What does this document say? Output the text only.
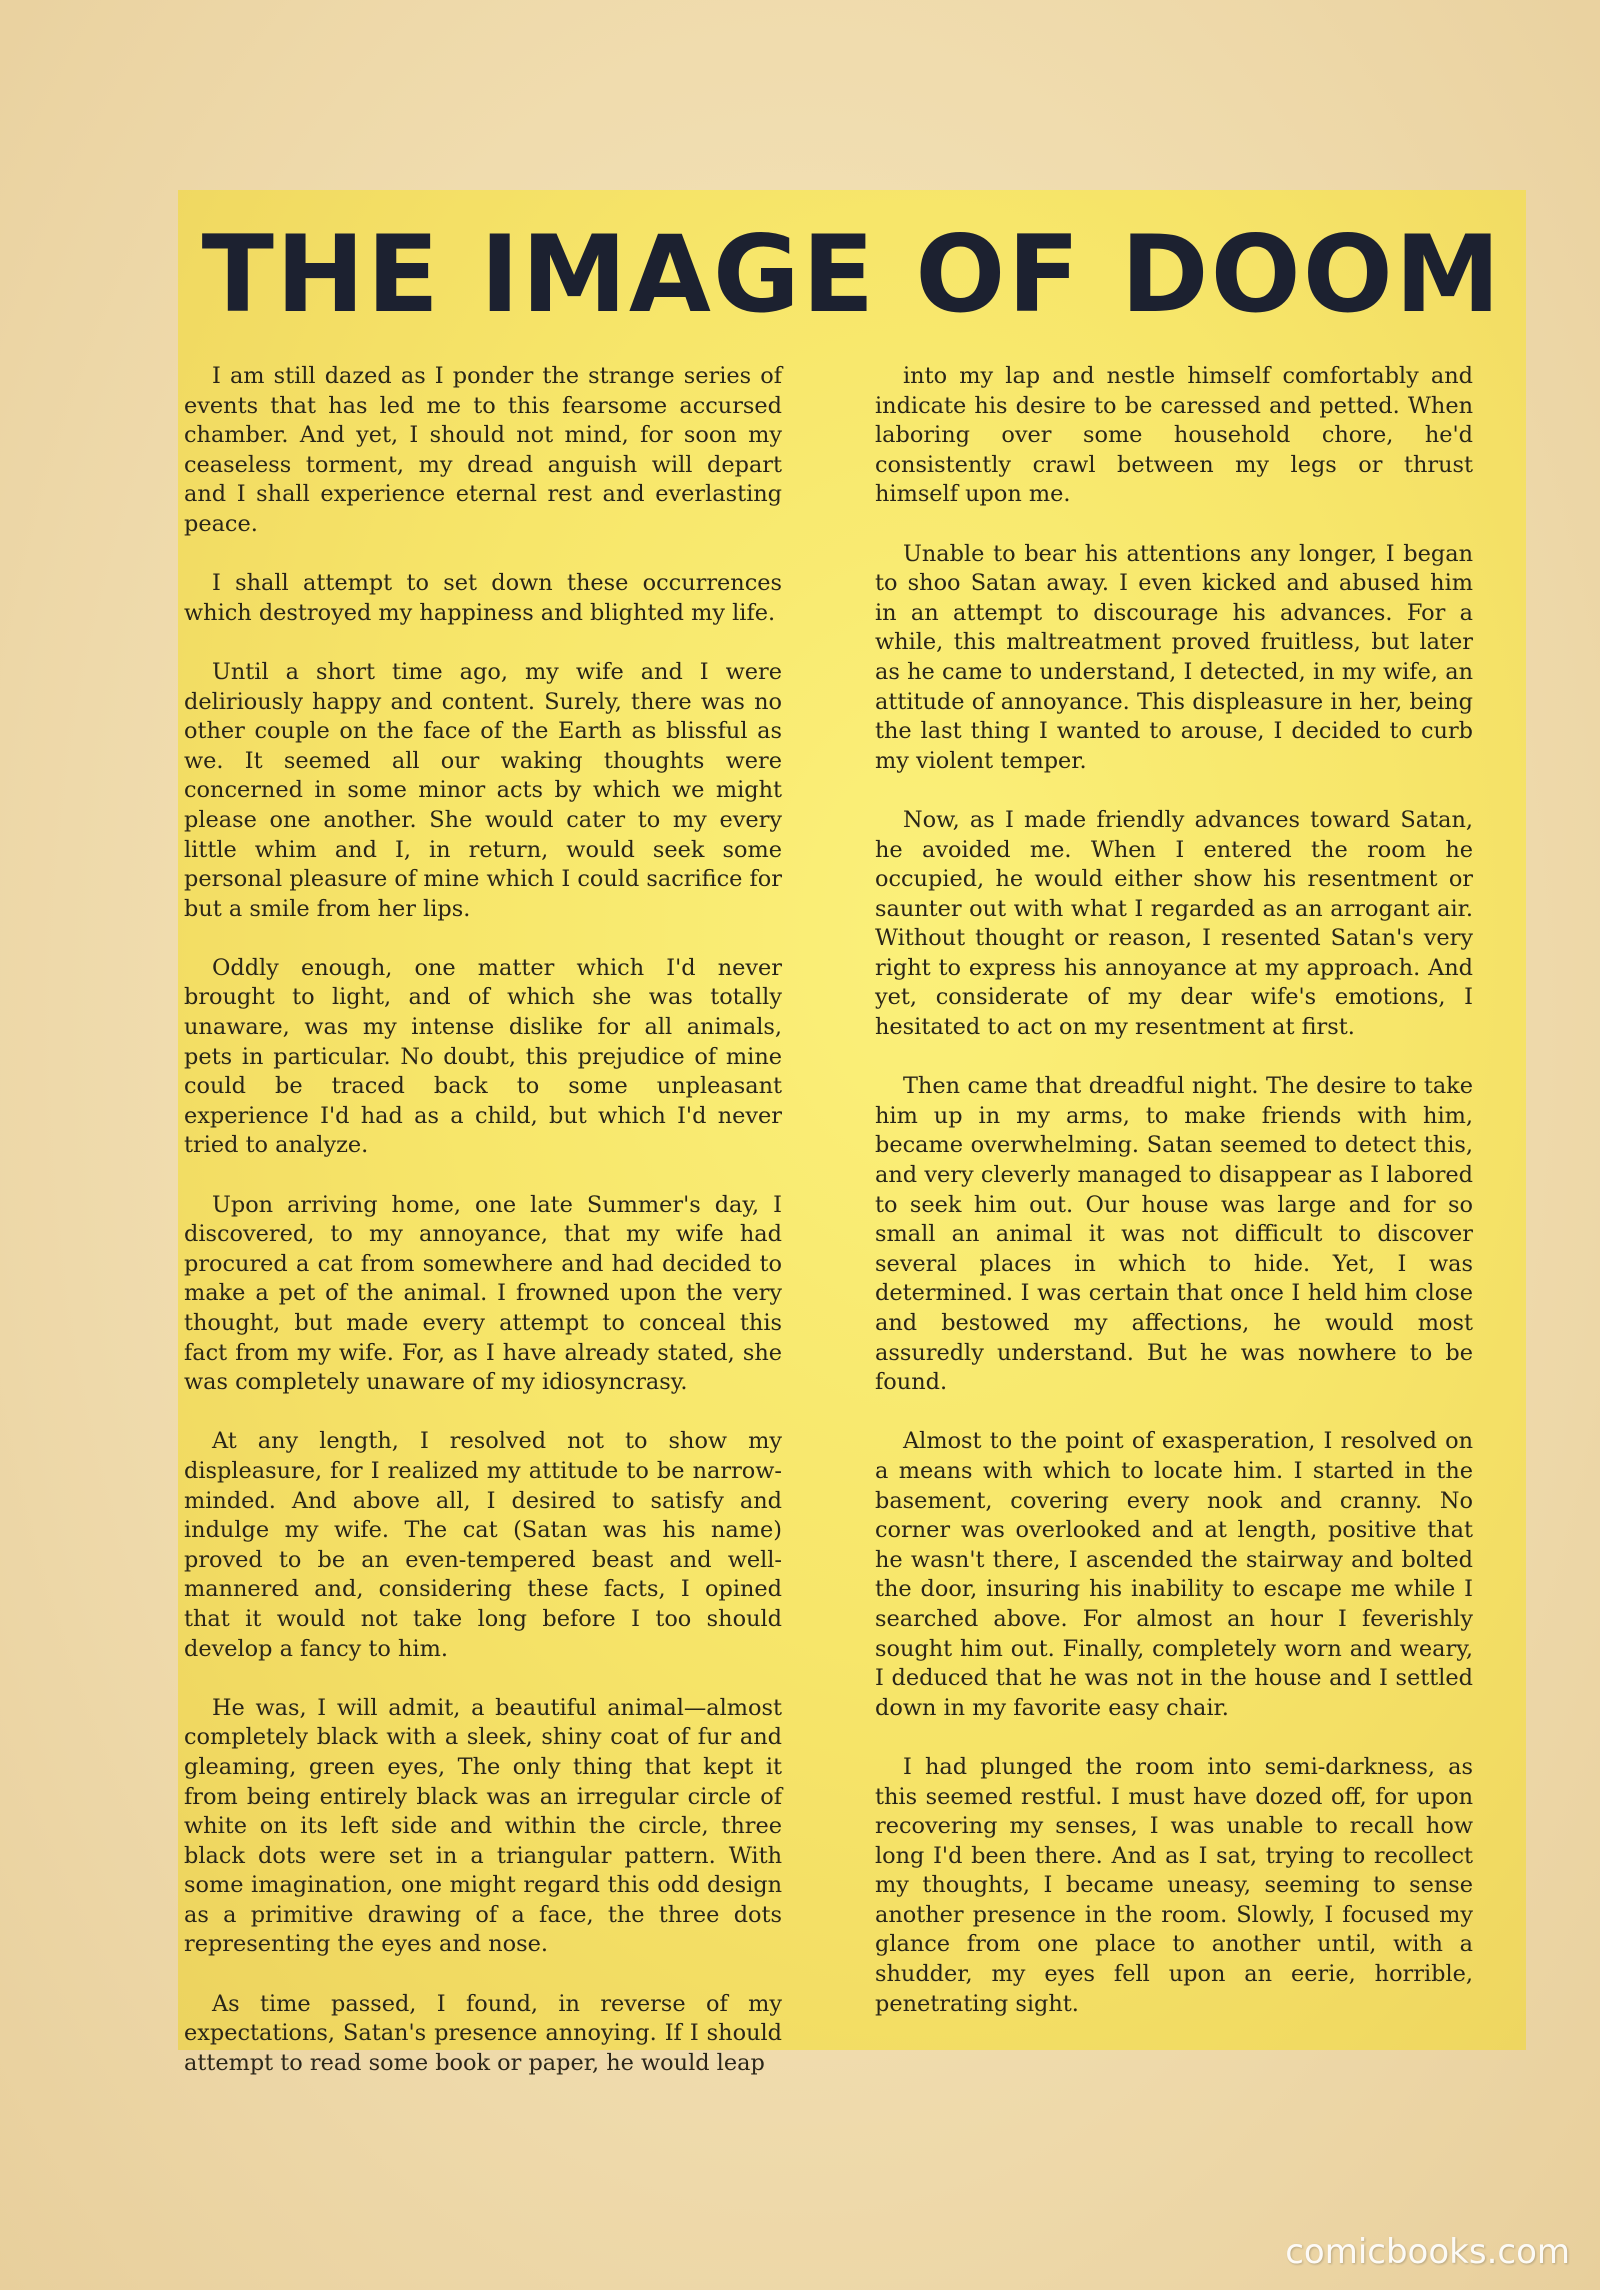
THE IMAGE OF DOOM

I am still dazed as I ponder the strange series of events that has led me to this fearsome accursed chamber. And yet, I should not mind, for soon my ceaseless torment, my dread anguish will depart and I shall experience eternal rest and everlasting peace.

I shall attempt to set down these occurrences which destroyed my happiness and blighted my life.

Until a short time ago, my wife and I were deliriously happy and content. Surely, there was no other couple on the face of the Earth as blissful as we. It seemed all our waking thoughts were concerned in some minor acts by which we might please one another. She would cater to my every little whim and I, in return, would seek some personal pleasure of mine which I could sacrifice for but a smile from her lips.

Oddly enough, one matter which I'd never brought to light, and of which she was totally unaware, was my intense dislike for all animals, pets in particular. No doubt, this prejudice of mine could be traced back to some unpleasant experience I'd had as a child, but which I'd never tried to analyze.

Upon arriving home, one late Summer's day, I discovered, to my annoyance, that my wife had procured a cat from somewhere and had decided to make a pet of the animal. I frowned upon the very thought, but made every attempt to conceal this fact from my wife. For, as I have already stated, she was completely unaware of my idiosyncrasy.

At any length, I resolved not to show my displeasure, for I realized my attitude to be narrow-minded. And above all, I desired to satisfy and indulge my wife. The cat (Satan was his name) proved to be an even-tempered beast and well-mannered and, considering these facts, I opined that it would not take long before I too should develop a fancy to him.

He was, I will admit, a beautiful animal—almost completely black with a sleek, shiny coat of fur and gleaming, green eyes, The only thing that kept it from being entirely black was an irregular circle of white on its left side and within the circle, three black dots were set in a triangular pattern. With some imagination, one might regard this odd design as a primitive drawing of a face, the three dots representing the eyes and nose.

As time passed, I found, in reverse of my expectations, Satan's presence annoying. If I should attempt to read some book or paper, he would leap

into my lap and nestle himself comfortably and indicate his desire to be caressed and petted. When laboring over some household chore, he'd consistently crawl between my legs or thrust himself upon me.

Unable to bear his attentions any longer, I began to shoo Satan away. I even kicked and abused him in an attempt to discourage his advances. For a while, this maltreatment proved fruitless, but later as he came to understand, I detected, in my wife, an attitude of annoyance. This displeasure in her, being the last thing I wanted to arouse, I decided to curb my violent temper.

Now, as I made friendly advances toward Satan, he avoided me. When I entered the room he occupied, he would either show his resentment or saunter out with what I regarded as an arrogant air. Without thought or reason, I resented Satan's very right to express his annoyance at my approach. And yet, considerate of my dear wife's emotions, I hesitated to act on my resentment at first.

Then came that dreadful night. The desire to take him up in my arms, to make friends with him, became overwhelming. Satan seemed to detect this, and very cleverly managed to disappear as I labored to seek him out. Our house was large and for so small an animal it was not difficult to discover several places in which to hide. Yet, I was determined. I was certain that once I held him close and bestowed my affections, he would most assuredly understand. But he was nowhere to be found.

Almost to the point of exasperation, I resolved on a means with which to locate him. I started in the basement, covering every nook and cranny. No corner was overlooked and at length, positive that he wasn't there, I ascended the stairway and bolted the door, insuring his inability to escape me while I searched above. For almost an hour I feverishly sought him out. Finally, completely worn and weary, I deduced that he was not in the house and I settled down in my favorite easy chair.

I had plunged the room into semi-darkness, as this seemed restful. I must have dozed off, for upon recovering my senses, I was unable to recall how long I'd been there. And as I sat, trying to recollect my thoughts, I became uneasy, seeming to sense another presence in the room. Slowly, I focused my glance from one place to another until, with a shudder, my eyes fell upon an eerie, horrible, penetrating sight.

comicbooks.com
